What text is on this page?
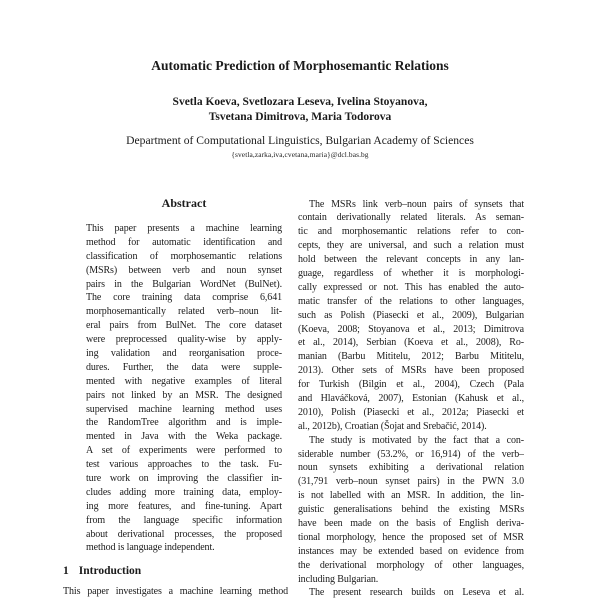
Automatic Prediction of Morphosemantic Relations
Svetla Koeva, Svetlozara Leseva, Ivelina Stoyanova,
Tsvetana Dimitrova, Maria Todorova
Department of Computational Linguistics, Bulgarian Academy of Sciences
{svetla,zarka,iva,cvetana,maria}@dcl.bas.bg
Abstract
This paper presents a machine learning
method for automatic identification and
classification of morphosemantic relations
(MSRs) between verb and noun synset
pairs in the Bulgarian WordNet (BulNet).
The core training data comprise 6,641
morphosemantically related verb–noun lit-
eral pairs from BulNet. The core dataset
were preprocessed quality-wise by apply-
ing validation and reorganisation proce-
dures. Further, the data were supple-
mented with negative examples of literal
pairs not linked by an MSR. The designed
supervised machine learning method uses
the RandomTree algorithm and is imple-
mented in Java with the Weka package.
A set of experiments were performed to
test various approaches to the task. Fu-
ture work on improving the classifier in-
cludes adding more training data, employ-
ing more features, and fine-tuning. Apart
from the language specific information
about derivational processes, the proposed
method is language independent.
1 Introduction
This paper investigates a machine learning method
The MSRs link verb–noun pairs of synsets that
contain derivationally related literals. As seman-
tic and morphosemantic relations refer to con-
cepts, they are universal, and such a relation must
hold between the relevant concepts in any lan-
guage, regardless of whether it is morphologi-
cally expressed or not. This has enabled the auto-
matic transfer of the relations to other languages,
such as Polish (Piasecki et al., 2009), Bulgarian
(Koeva, 2008; Stoyanova et al., 2013; Dimitrova
et al., 2014), Serbian (Koeva et al., 2008), Ro-
manian (Barbu Mititelu, 2012; Barbu Mititelu,
2013). Other sets of MSRs have been proposed
for Turkish (Bilgin et al., 2004), Czech (Pala
and Hlaváčková, 2007), Estonian (Kahusk et al.,
2010), Polish (Piasecki et al., 2012a; Piasecki et
al., 2012b), Croatian (Šojat and Srebačić, 2014).
The study is motivated by the fact that a con-
siderable number (53.2%, or 16,914) of the verb–
noun synsets exhibiting a derivational relation
(31,791 verb–noun synset pairs) in the PWN 3.0
is not labelled with an MSR. In addition, the lin-
guistic generalisations behind the existing MSRs
have been made on the basis of English deriva-
tional morphology, hence the proposed set of MSR
instances may be extended based on evidence from
the derivational morphology of other languages,
including Bulgarian.
The present research builds on Leseva et al.
